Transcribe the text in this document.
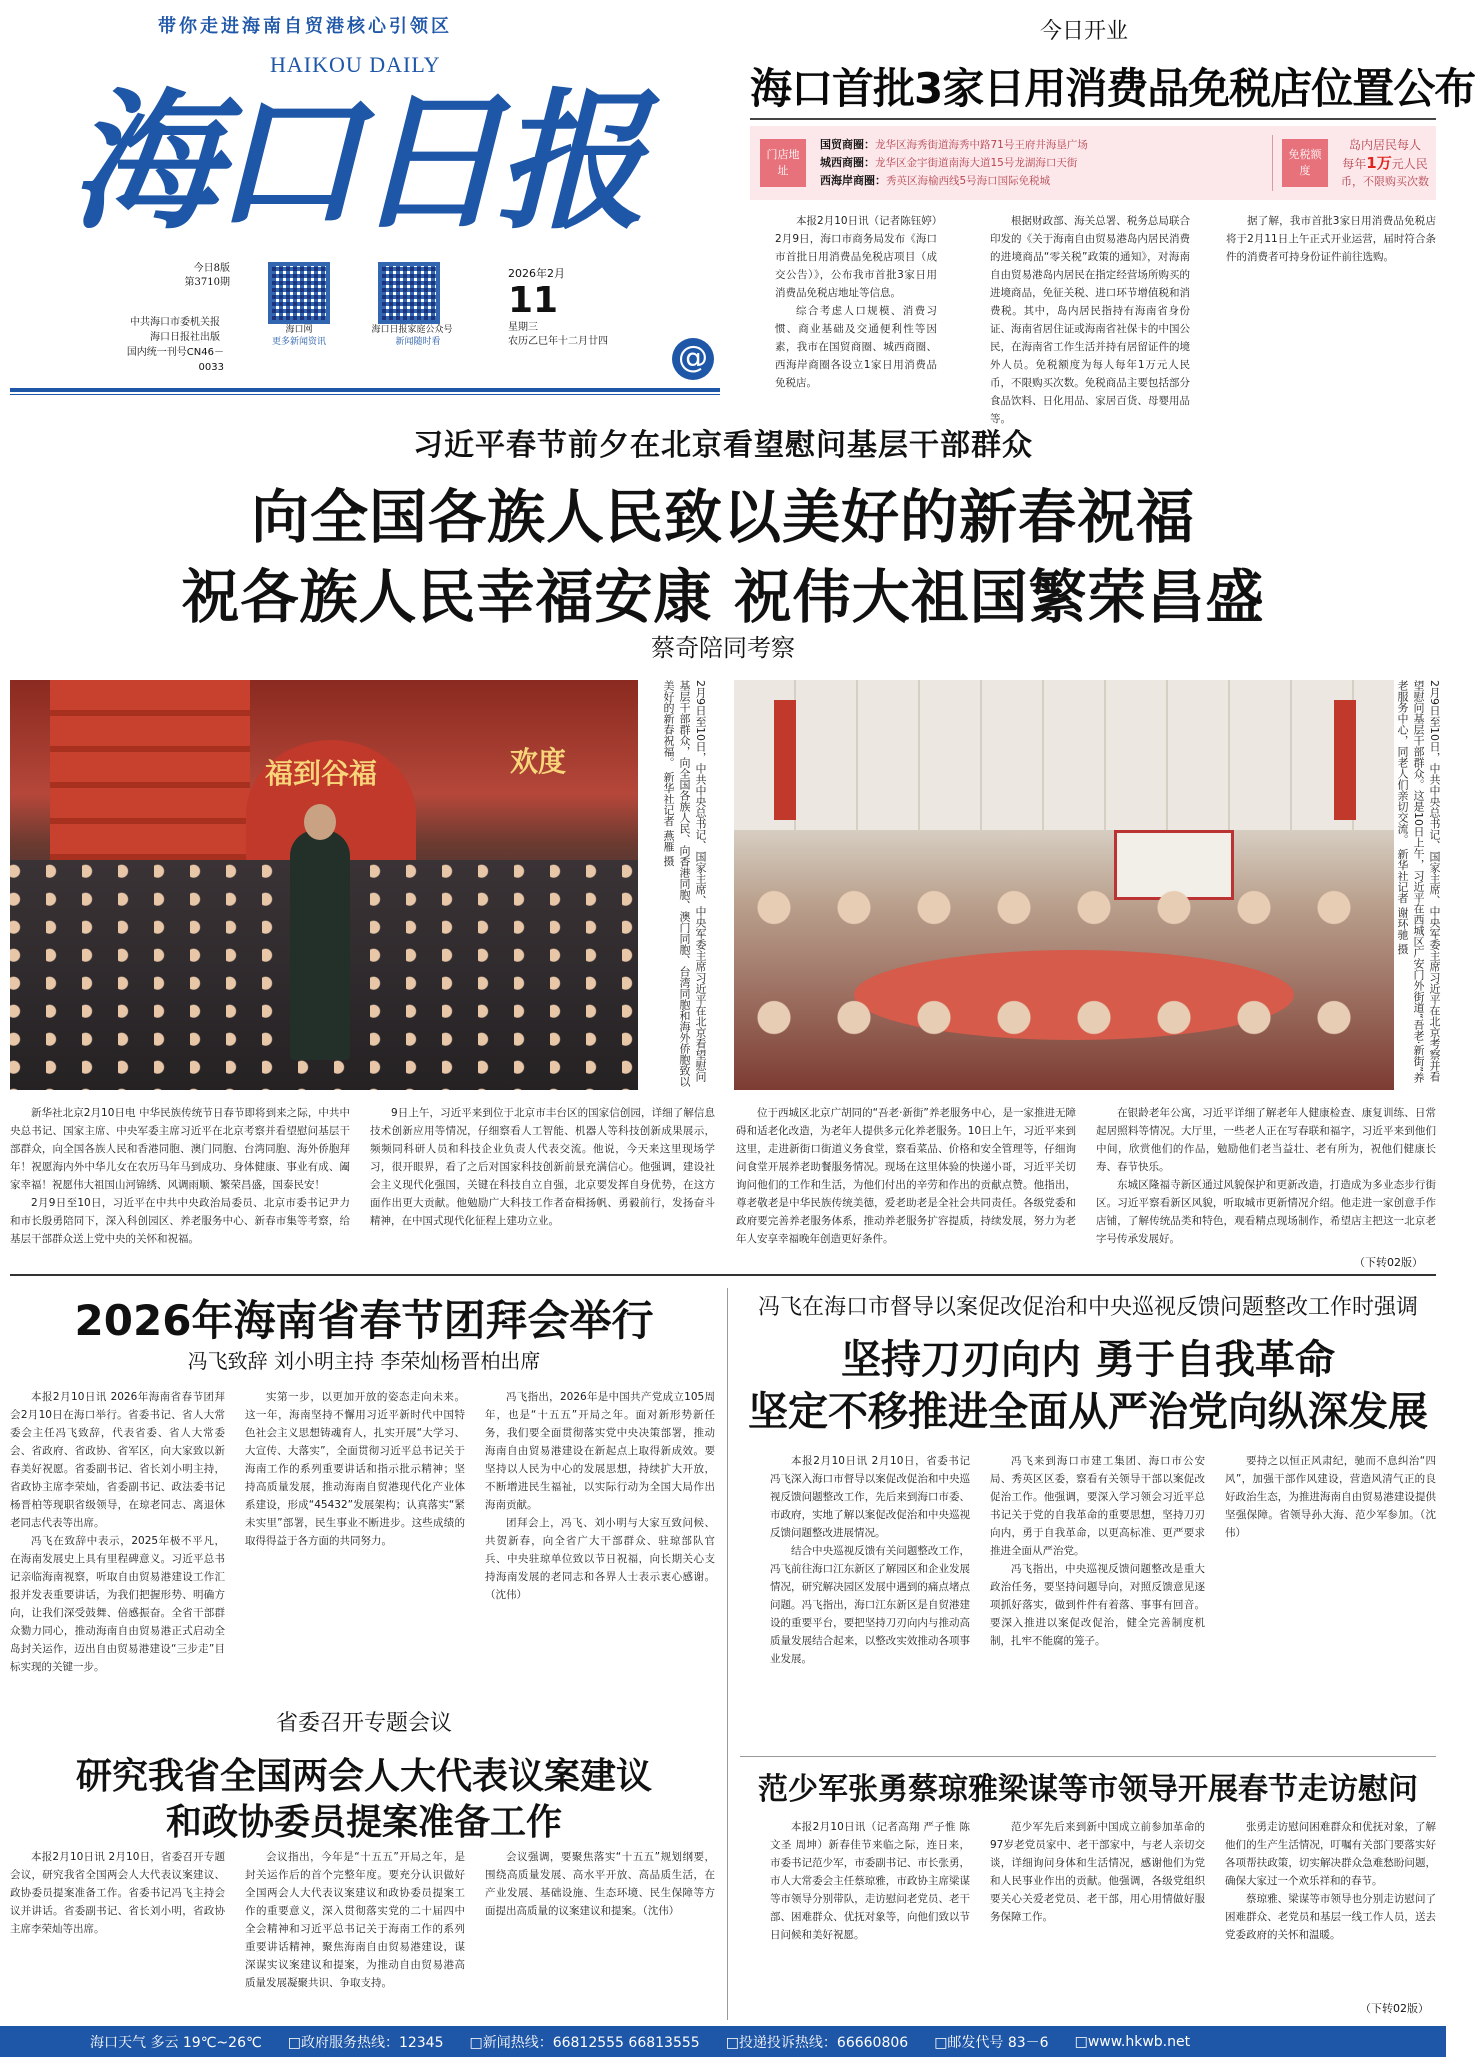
带你走进海南自贸港核心引领区
HAIKOU DAILY
海口日报
今日8版
第3710期
海口网
更多新闻资讯
海口日报家庭公众号
新闻随时看
中共海口市委机关报
海口日报社出版
国内统一刊号CN46－0033
2026年2月
11
星期三
农历乙巳年十二月廿四 @
今日开业
海口首批3家日用消费品免税店位置公布
门店地址
国贸商圈：龙华区海秀街道海秀中路71号王府井海垦广场
城西商圈：龙华区金宇街道南海大道15号龙湖海口天街
西海岸商圈：秀英区海榆西线5号海口国际免税城
免税额度
岛内居民每人
每年1万元人民
币，不限购买次数

本报2月10日讯（记者陈钰婷）2月9日，海口市商务局发布《海口市首批日用消费品免税店项目（成交公告）》，公布我市首批3家日用消费品免税店地址等信息。

综合考虑人口规模、消费习惯、商业基础及交通便利性等因素，我市在国贸商圈、城西商圈、西海岸商圈各设立1家日用消费品免税店。

根据财政部、海关总署、税务总局联合印发的《关于海南自由贸易港岛内居民消费的进境商品“零关税”政策的通知》，对海南自由贸易港岛内居民在指定经营场所购买的进境商品，免征关税、进口环节增值税和消费税。其中，岛内居民指持有海南省身份证、海南省居住证或海南省社保卡的中国公民，在海南省工作生活并持有居留证件的境外人员。免税额度为每人每年1万元人民币，不限购买次数。免税商品主要包括部分食品饮料、日化用品、家居百货、母婴用品等。

据了解，我市首批3家日用消费品免税店将于2月11日上午正式开业运营，届时符合条件的消费者可持身份证件前往选购。

习近平春节前夕在北京看望慰问基层干部群众
向全国各族人民致以美好的新春祝福
祝各族人民幸福安康 祝伟大祖国繁荣昌盛
蔡奇陪同考察
福到谷福	欢度	2月9日至10日，中共中央总书记、国家主席、中央军委主席习近平在北京看望慰问基层干部群众，向全国各族人民、向香港同胞、澳门同胞、台湾同胞和海外侨胞致以美好的新春祝福。 新华社记者 燕雁 摄	2月9日至10日，中共中央总书记、国家主席、中央军委主席习近平在北京考察并看望慰问基层干部群众。这是10日上午，习近平在西城区广安门外街道“吾老·新街”养老服务中心，同老人们亲切交流。 新华社记者 谢环驰 摄

新华社北京2月10日电 中华民族传统节日春节即将到来之际，中共中央总书记、国家主席、中央军委主席习近平在北京考察并看望慰问基层干部群众，向全国各族人民和香港同胞、澳门同胞、台湾同胞、海外侨胞拜年！祝愿海内外中华儿女在农历马年马到成功、身体健康、事业有成、阖家幸福！祝愿伟大祖国山河锦绣、风调雨顺、繁荣昌盛，国泰民安！

2月9日至10日，习近平在中共中央政治局委员、北京市委书记尹力和市长殷勇陪同下，深入科创园区、养老服务中心、新春市集等考察，给基层干部群众送上党中央的关怀和祝福。

9日上午，习近平来到位于北京市丰台区的国家信创园，详细了解信息技术创新应用等情况，仔细察看人工智能、机器人等科技创新成果展示，频频同科研人员和科技企业负责人代表交流。他说，今天来这里现场学习，很开眼界，看了之后对国家科技创新前景充满信心。他强调，建设社会主义现代化强国，关键在科技自立自强，北京要发挥自身优势，在这方面作出更大贡献。他勉励广大科技工作者奋楫扬帆、勇毅前行，发扬奋斗精神，在中国式现代化征程上建功立业。

位于西城区北京广胡同的“吾老·新街”养老服务中心，是一家推进无障碍和适老化改造，为老年人提供多元化养老服务。10日上午，习近平来到这里，走进新街口街道义务食堂，察看菜品、价格和安全管理等，仔细询问食堂开展养老助餐服务情况。现场在这里体验的快递小哥，习近平关切询问他们的工作和生活，为他们付出的辛劳和作出的贡献点赞。他指出，尊老敬老是中华民族传统美德，爱老助老是全社会共同责任。各级党委和政府要完善养老服务体系，推动养老服务扩容提质，持续发展，努力为老年人安享幸福晚年创造更好条件。

在银龄老年公寓，习近平详细了解老年人健康检查、康复训练、日常起居照料等情况。大厅里，一些老人正在写春联和福字，习近平来到他们中间，欣赏他们的作品，勉励他们老当益壮、老有所为，祝他们健康长寿、春节快乐。

东城区隆福寺新区通过风貌保护和更新改造，打造成为多业态步行街区。习近平察看新区风貌，听取城市更新情况介绍。他走进一家创意手作店铺，了解传统品类和特色，观看精点现场制作，希望店主把这一北京老字号传承发展好。

（下转02版）
2026年海南省春节团拜会举行
冯飞致辞 刘小明主持 李荣灿杨晋柏出席

本报2月10日讯 2026年海南省春节团拜会2月10日在海口举行。省委书记、省人大常委会主任冯飞致辞，代表省委、省人大常委会、省政府、省政协、省军区，向大家致以新春美好祝愿。省委副书记、省长刘小明主持，省政协主席李荣灿，省委副书记、政法委书记杨晋柏等现职省级领导，在琼老同志、离退休老同志代表等出席。

冯飞在致辞中表示，2025年极不平凡，在海南发展史上具有里程碑意义。习近平总书记亲临海南视察，听取自由贸易港建设工作汇报并发表重要讲话，为我们把握形势、明确方向，让我们深受鼓舞、倍感振奋。全省干部群众勠力同心，推动海南自由贸易港正式启动全岛封关运作，迈出自由贸易港建设“三步走”目标实现的关键一步。

实第一步，以更加开放的姿态走向未来。这一年，海南坚持不懈用习近平新时代中国特色社会主义思想铸魂育人，扎实开展“大学习、大宣传、大落实”，全面贯彻习近平总书记关于海南工作的系列重要讲话和指示批示精神；坚持高质量发展，推动海南自贸港现代化产业体系建设，形成“45432”发展架构；认真落实“紧未实里”部署，民生事业不断进步。这些成绩的取得得益于各方面的共同努力。

冯飞指出，2026年是中国共产党成立105周年，也是“十五五”开局之年。面对新形势新任务，我们要全面贯彻落实党中央决策部署，推动海南自由贸易港建设在新起点上取得新成效。要坚持以人民为中心的发展思想，持续扩大开放，不断增进民生福祉，以实际行动为全国大局作出海南贡献。

团拜会上，冯飞、刘小明与大家互致问候、共贺新春，向全省广大干部群众、驻琼部队官兵、中央驻琼单位致以节日祝福，向长期关心支持海南发展的老同志和各界人士表示衷心感谢。（沈伟）

省委召开专题会议
研究我省全国两会人大代表议案建议
和政协委员提案准备工作

本报2月10日讯 2月10日，省委召开专题会议，研究我省全国两会人大代表议案建议、政协委员提案准备工作。省委书记冯飞主持会议并讲话。省委副书记、省长刘小明，省政协主席李荣灿等出席。

会议指出，今年是“十五五”开局之年，是封关运作后的首个完整年度。要充分认识做好全国两会人大代表议案建议和政协委员提案工作的重要意义，深入贯彻落实党的二十届四中全会精神和习近平总书记关于海南工作的系列重要讲话精神，聚焦海南自由贸易港建设，谋深谋实议案建议和提案，为推动自由贸易港高质量发展凝聚共识、争取支持。

会议强调，要聚焦落实“十五五”规划纲要，围绕高质量发展、高水平开放、高品质生活，在产业发展、基础设施、生态环境、民生保障等方面提出高质量的议案建议和提案。（沈伟）

冯飞在海口市督导以案促改促治和中央巡视反馈问题整改工作时强调
坚持刀刃向内 勇于自我革命
坚定不移推进全面从严治党向纵深发展

本报2月10日讯 2月10日，省委书记冯飞深入海口市督导以案促改促治和中央巡视反馈问题整改工作，先后来到海口市委、市政府，实地了解以案促改促治和中央巡视反馈问题整改进展情况。

结合中央巡视反馈有关问题整改工作，冯飞前往海口江东新区了解园区和企业发展情况，研究解决园区发展中遇到的痛点堵点问题。冯飞指出，海口江东新区是自贸港建设的重要平台，要把坚持刀刃向内与推动高质量发展结合起来，以整改实效推动各项事业发展。

冯飞来到海口市建工集团、海口市公安局、秀英区区委，察看有关领导干部以案促改促治工作。他强调，要深入学习领会习近平总书记关于党的自我革命的重要思想，坚持刀刃向内，勇于自我革命，以更高标准、更严要求推进全面从严治党。

冯飞指出，中央巡视反馈问题整改是重大政治任务，要坚持问题导向，对照反馈意见逐项抓好落实，做到件件有着落、事事有回音。要深入推进以案促改促治，健全完善制度机制，扎牢不能腐的笼子。

要持之以恒正风肃纪，驰而不息纠治“四风”，加强干部作风建设，营造风清气正的良好政治生态，为推进海南自由贸易港建设提供坚强保障。省领导孙大海、范少军参加。（沈伟）

范少军张勇蔡琼雅梁谋等市领导开展春节走访慰问

本报2月10日讯（记者高翔 严子惟 陈文圣 周坤）新春佳节来临之际，连日来，市委书记范少军，市委副书记、市长张勇，市人大常委会主任蔡琼雅，市政协主席梁谋等市领导分别带队，走访慰问老党员、老干部、困难群众、优抚对象等，向他们致以节日问候和美好祝愿。

范少军先后来到新中国成立前参加革命的97岁老党员家中、老干部家中，与老人亲切交谈，详细询问身体和生活情况，感谢他们为党和人民事业作出的贡献。他强调，各级党组织要关心关爱老党员、老干部，用心用情做好服务保障工作。

张勇走访慰问困难群众和优抚对象，了解他们的生产生活情况，叮嘱有关部门要落实好各项帮扶政策，切实解决群众急难愁盼问题，确保大家过一个欢乐祥和的春节。

蔡琼雅、梁谋等市领导也分别走访慰问了困难群众、老党员和基层一线工作人员，送去党委政府的关怀和温暖。

（下转02版）
海口天气 多云 19℃~26℃ □政府服务热线：12345 □新闻热线：66812555 66813555 □投递投诉热线：66660806 □邮发代号 83－6 □www.hkwb.net
